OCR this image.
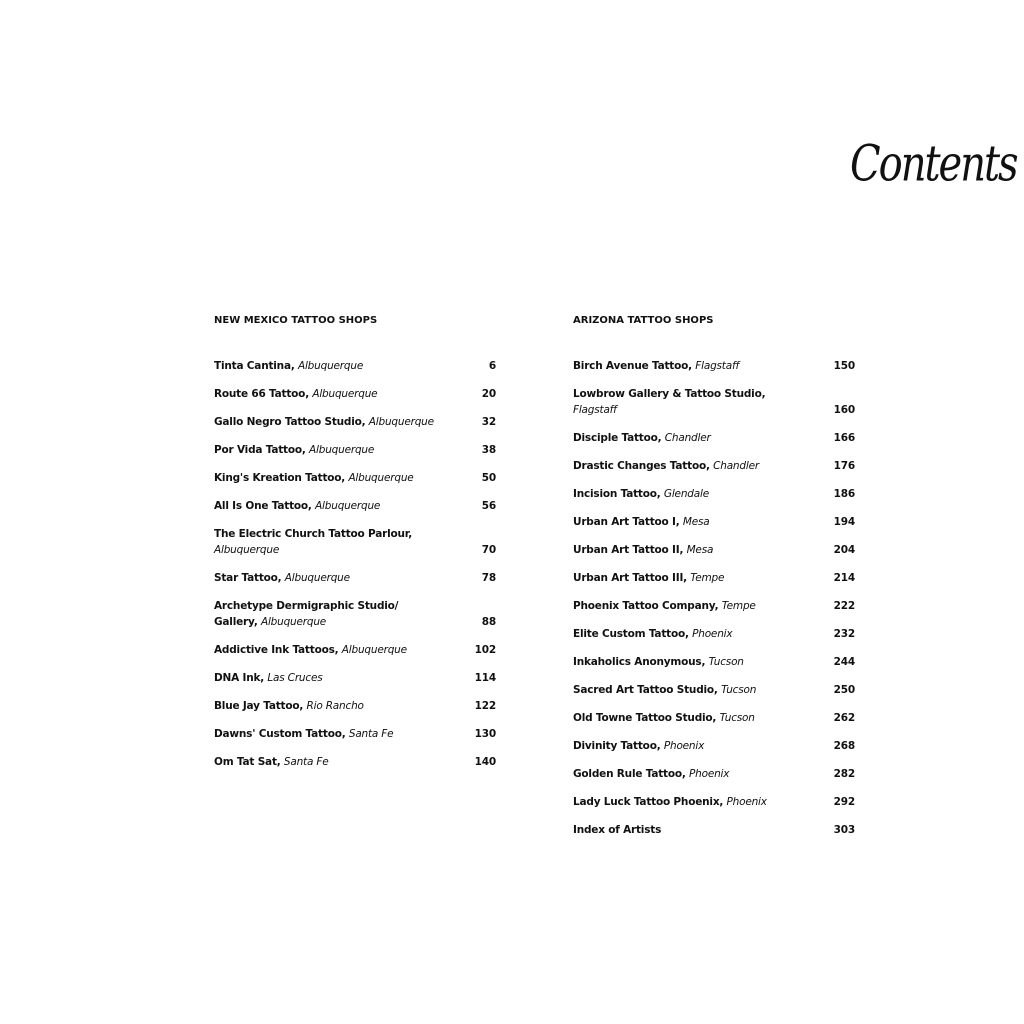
Contents
NEW MEXICO TATTOO SHOPS
Tinta Cantina, Albuquerque	6
Route 66 Tattoo, Albuquerque	20
Gallo Negro Tattoo Studio, Albuquerque	32
Por Vida Tattoo, Albuquerque	38
King's Kreation Tattoo, Albuquerque	50
All Is One Tattoo, Albuquerque	56
The Electric Church Tattoo Parlour, Albuquerque	70
Star Tattoo, Albuquerque	78
Archetype Dermigraphic Studio/ Gallery, Albuquerque	88
Addictive Ink Tattoos, Albuquerque	102
DNA Ink, Las Cruces	114
Blue Jay Tattoo, Rio Rancho	122
Dawns' Custom Tattoo, Santa Fe	130
Om Tat Sat, Santa Fe	140
ARIZONA TATTOO SHOPS
Birch Avenue Tattoo, Flagstaff	150
Lowbrow Gallery & Tattoo Studio, Flagstaff	160
Disciple Tattoo, Chandler	166
Drastic Changes Tattoo, Chandler	176
Incision Tattoo, Glendale	186
Urban Art Tattoo I, Mesa	194
Urban Art Tattoo II, Mesa	204
Urban Art Tattoo III, Tempe	214
Phoenix Tattoo Company, Tempe	222
Elite Custom Tattoo, Phoenix	232
Inkaholics Anonymous, Tucson	244
Sacred Art Tattoo Studio, Tucson	250
Old Towne Tattoo Studio, Tucson	262
Divinity Tattoo, Phoenix	268
Golden Rule Tattoo, Phoenix	282
Lady Luck Tattoo Phoenix, Phoenix	292
Index of Artists	303
